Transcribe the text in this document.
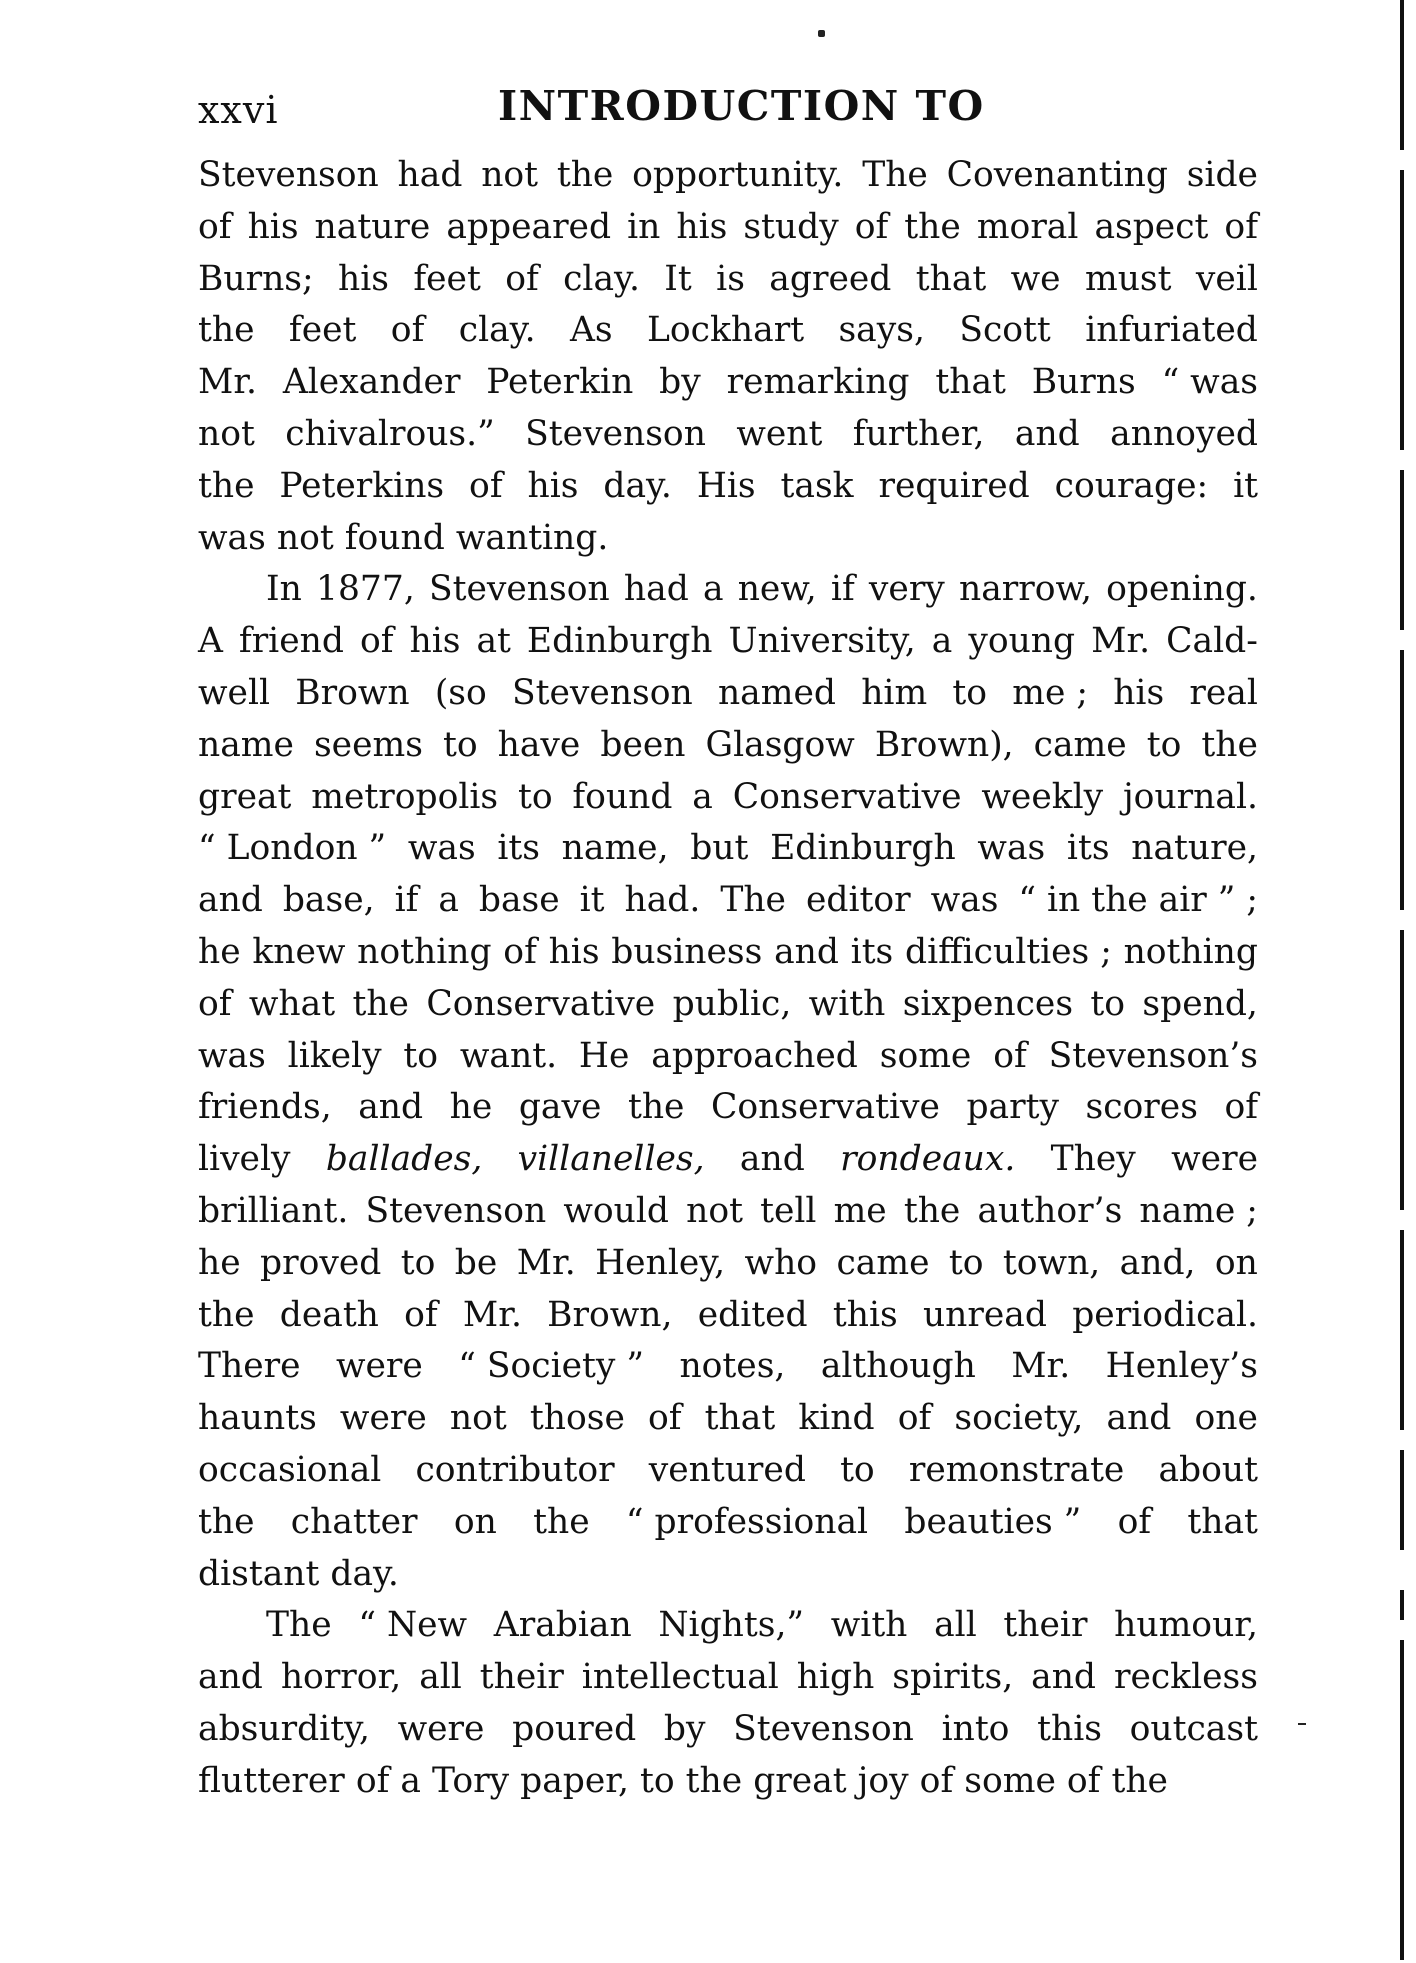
xxvi	INTRODUCTION TO
Stevenson had not the opportunity. The Covenanting side
of his nature appeared in his study of the moral aspect of
Burns; his feet of clay. It is agreed that we must veil
the feet of clay. As Lockhart says, Scott infuriated
Mr. Alexander Peterkin by remarking that Burns “ was
not chivalrous.” Stevenson went further, and annoyed
the Peterkins of his day. His task required courage: it
was not found wanting.
In 1877, Stevenson had a new, if very narrow, opening.
A friend of his at Edinburgh University, a young Mr. Cald-
well Brown (so Stevenson named him to me ; his real
name seems to have been Glasgow Brown), came to the
great metropolis to found a Conservative weekly journal.
“ London ” was its name, but Edinburgh was its nature,
and base, if a base it had. The editor was “ in the air ” ;
he knew nothing of his business and its difficulties ; nothing
of what the Conservative public, with sixpences to spend,
was likely to want. He approached some of Stevenson’s
friends, and he gave the Conservative party scores of
lively ballades, villanelles, and rondeaux. They were
brilliant. Stevenson would not tell me the author’s name ;
he proved to be Mr. Henley, who came to town, and, on
the death of Mr. Brown, edited this unread periodical.
There were “ Society ” notes, although Mr. Henley’s
haunts were not those of that kind of society, and one
occasional contributor ventured to remonstrate about
the chatter on the “ professional beauties ” of that
distant day.
The “ New Arabian Nights,” with all their humour,
and horror, all their intellectual high spirits, and reckless
absurdity, were poured by Stevenson into this outcast
flutterer of a Tory paper, to the great joy of some of the
